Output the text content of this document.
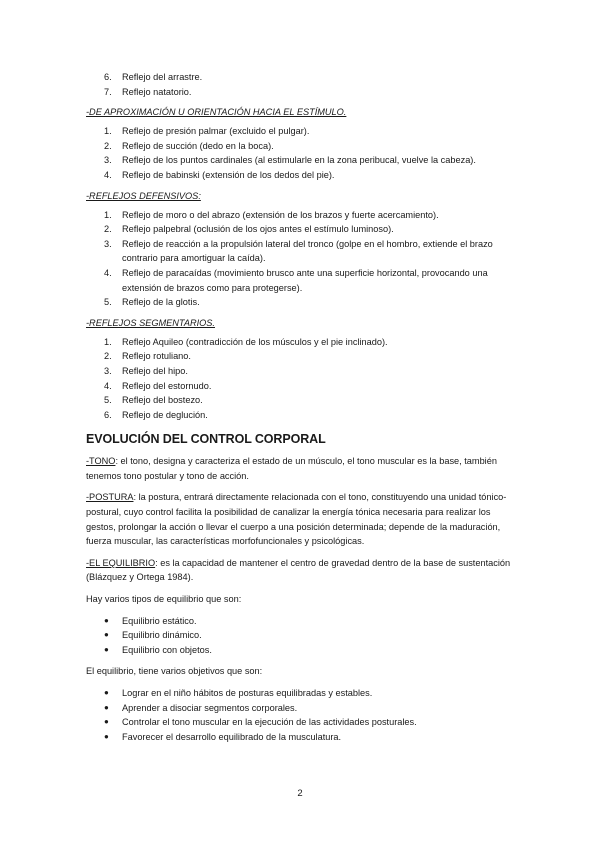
6. Reflejo del arrastre.
7. Reflejo natatorio.
-DE APROXIMACIÓN U ORIENTACIÓN HACIA EL ESTÍMULO.
1. Reflejo de presión palmar (excluido el pulgar).
2. Reflejo de succión (dedo en la boca).
3. Reflejo de los puntos cardinales (al estimularle en la zona peribucal, vuelve la cabeza).
4. Reflejo de babinski (extensión de los dedos del pie).
-REFLEJOS DEFENSIVOS:
1. Reflejo de moro o del abrazo (extensión de los brazos y fuerte acercamiento).
2. Reflejo palpebral (oclusión de los ojos antes el estímulo luminoso).
3. Reflejo de reacción a la propulsión lateral del tronco (golpe en el hombro, extiende el brazo contrario para amortiguar la caída).
4. Reflejo de paracaídas (movimiento brusco ante una superficie horizontal, provocando una extensión de brazos como para protegerse).
5. Reflejo de la glotis.
-REFLEJOS SEGMENTARIOS.
1. Reflejo Aquileo (contradicción de los músculos y el pie inclinado).
2. Reflejo rotuliano.
3. Reflejo del hipo.
4. Reflejo del estornudo.
5. Reflejo del bostezo.
6. Reflejo de deglución.
EVOLUCIÓN DEL CONTROL CORPORAL

-TONO: el tono, designa y caracteriza el estado de un músculo, el tono muscular es la base, también tenemos tono postular y tono de acción.

-POSTURA: la postura, entrará directamente relacionada con el tono, constituyendo una unidad tónico-postural, cuyo control facilita la posibilidad de canalizar la energía tónica necesaria para realizar los gestos, prolongar la acción o llevar el cuerpo a una posición determinada; depende de la maduración, fuerza muscular, las características morfofuncionales y psicológicas.

-EL EQUILIBRIO: es la capacidad de mantener el centro de gravedad dentro de la base de sustentación (Blázquez y Ortega 1984).

Hay varios tipos de equilibrio que son:

● Equilibrio estático.
● Equilibrio dinámico.
● Equilibrio con objetos.

El equilibrio, tiene varios objetivos que son:

● Lograr en el niño hábitos de posturas equilibradas y estables.
● Aprender a disociar segmentos corporales.
● Controlar el tono muscular en la ejecución de las actividades posturales.
● Favorecer el desarrollo equilibrado de la musculatura.
2
